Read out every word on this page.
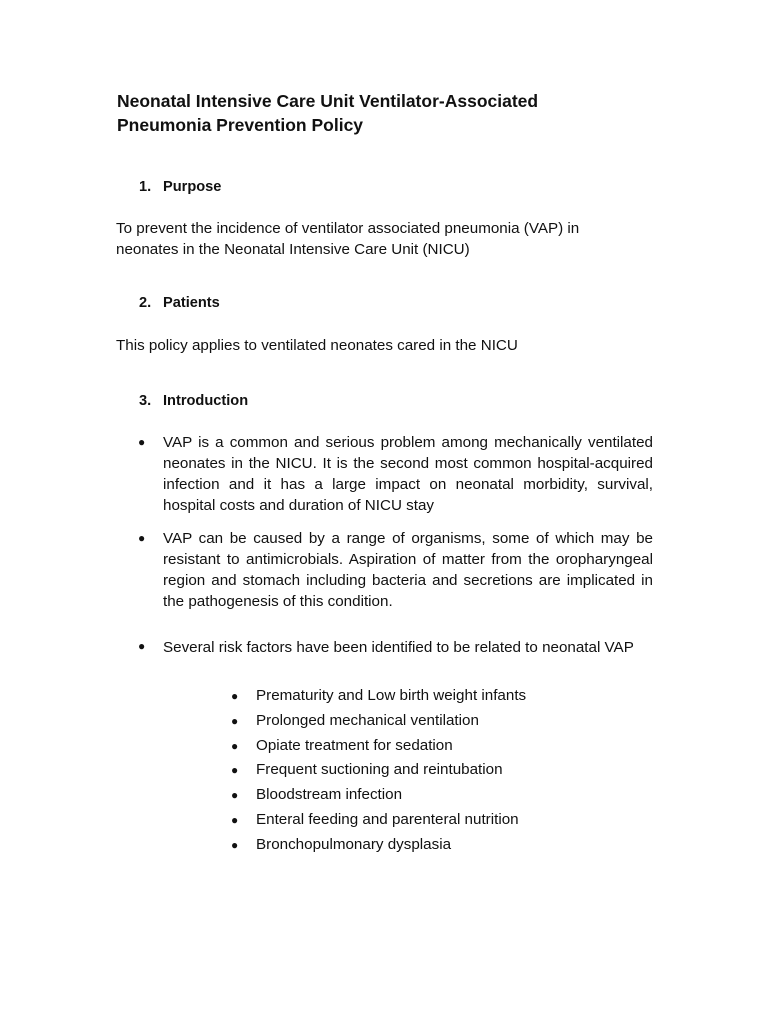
Neonatal Intensive Care Unit Ventilator-Associated
Pneumonia Prevention Policy
1. Purpose
To prevent the incidence of ventilator associated pneumonia (VAP) in
neonates in the Neonatal Intensive Care Unit (NICU)
2. Patients
This policy applies to ventilated neonates cared in the NICU
3. Introduction
● VAP is a common and serious problem among mechanically ventilated neonates in the NICU. It is the second most common hospital-acquired infection and it has a large impact on neonatal morbidity, survival, hospital costs and duration of NICU stay
● VAP can be caused by a range of organisms, some of which may be resistant to antimicrobials. Aspiration of matter from the oropharyngeal region and stomach including bacteria and secretions are implicated in the pathogenesis of this condition.
● Several risk factors have been identified to be related to neonatal VAP
● Prematurity and Low birth weight infants
● Prolonged mechanical ventilation
● Opiate treatment for sedation
● Frequent suctioning and reintubation
● Bloodstream infection
● Enteral feeding and parenteral nutrition
● Bronchopulmonary dysplasia
